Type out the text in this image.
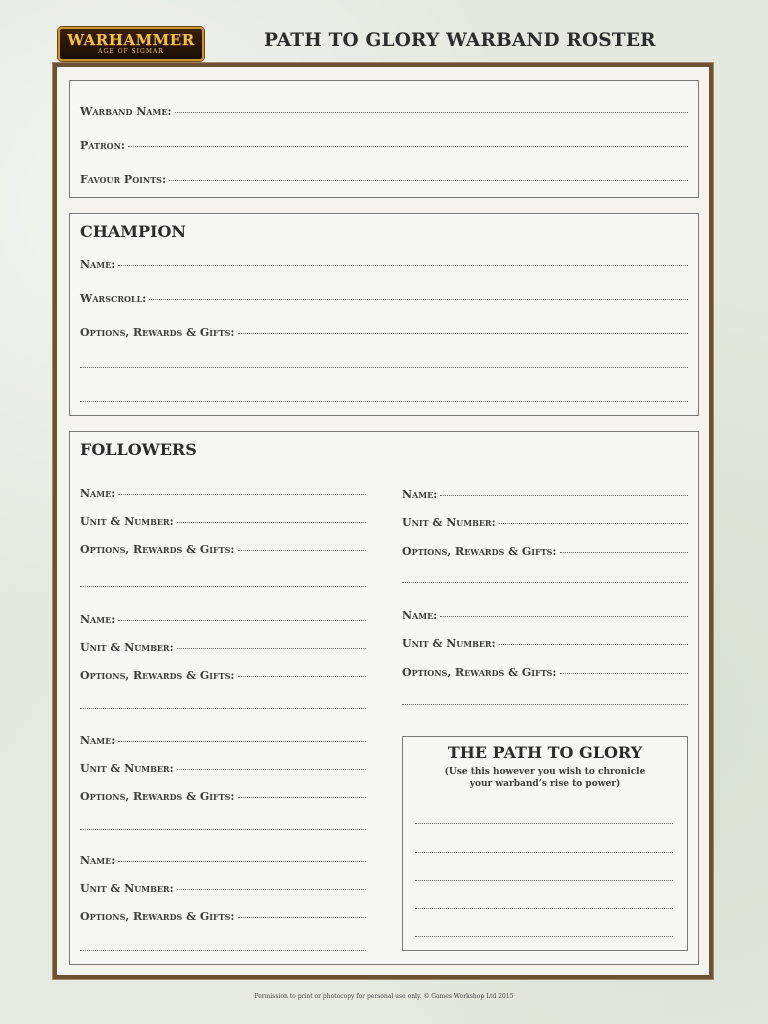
WARHAMMER
AGE OF SIGMAR
PATH TO GLORY WARBAND ROSTER
Warband Name:
Patron:
Favour Points:
CHAMPION
Name:
Warscroll:
Options, Rewards & Gifts:
FOLLOWERS
Name:
Unit & Number:
Options, Rewards & Gifts:
Name:
Unit & Number:
Options, Rewards & Gifts:
Name:
Unit & Number:
Options, Rewards & Gifts:
Name:
Unit & Number:
Options, Rewards & Gifts:
Name:
Unit & Number:
Options, Rewards & Gifts:
Name:
Unit & Number:
Options, Rewards & Gifts:
THE PATH TO GLORY
(Use this however you wish to chronicle
your warband’s rise to power)
Permission to print or photocopy for personal use only. © Games Workshop Ltd 2015
